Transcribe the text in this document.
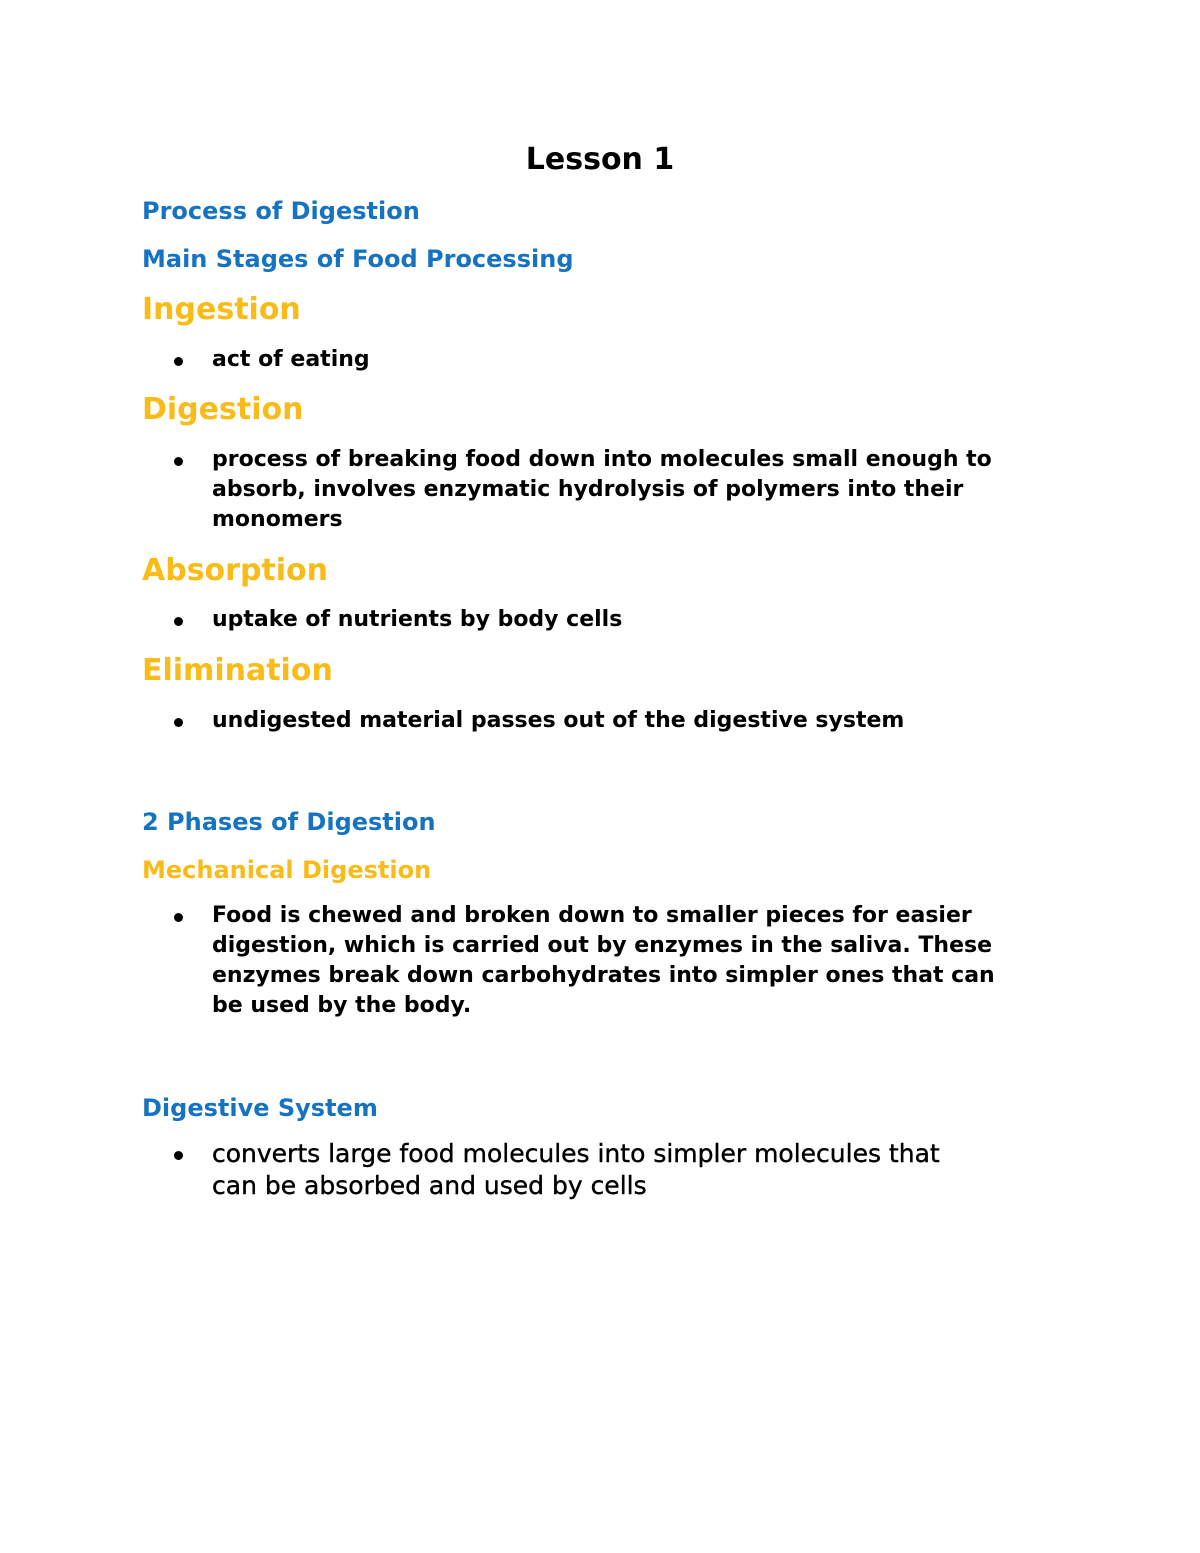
Lesson 1
Process of Digestion
Main Stages of Food Processing
Ingestion
act of eating
Digestion
process of breaking food down into molecules small enough to
absorb, involves enzymatic hydrolysis of polymers into their
monomers
Absorption
uptake of nutrients by body cells
Elimination
undigested material passes out of the digestive system
2 Phases of Digestion
Mechanical Digestion
Food is chewed and broken down to smaller pieces for easier
digestion, which is carried out by enzymes in the saliva. These
enzymes break down carbohydrates into simpler ones that can
be used by the body.
Digestive System
converts large food molecules into simpler molecules that
can be absorbed and used by cells
